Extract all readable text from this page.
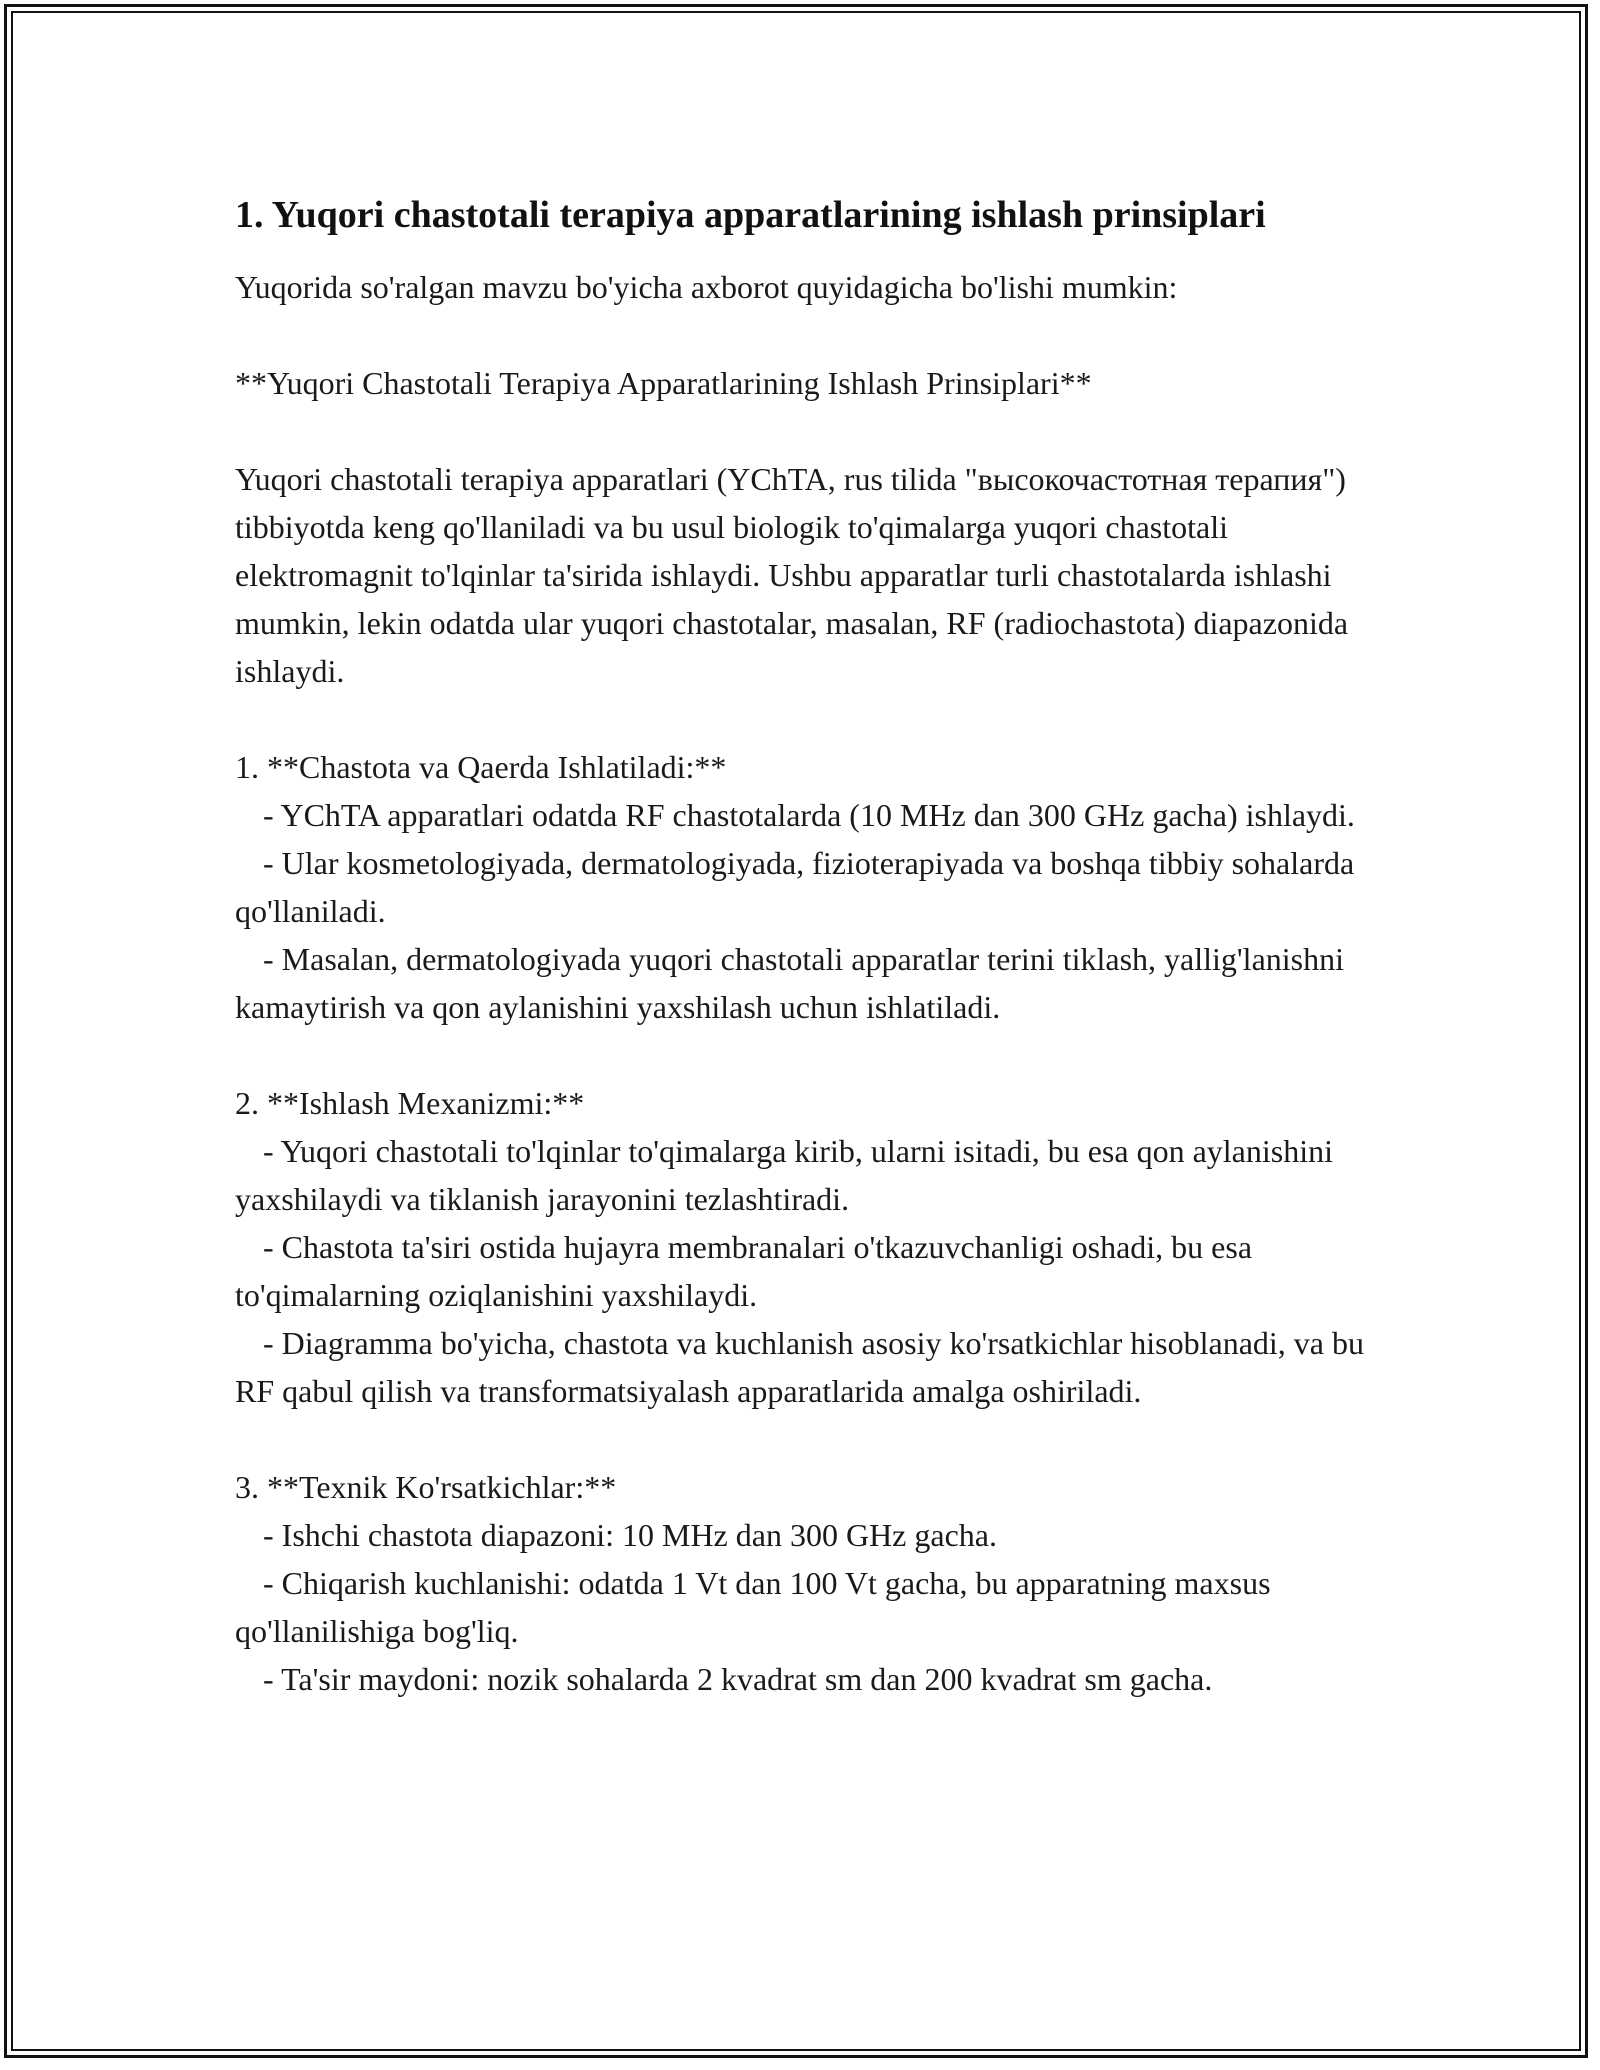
1. Yuqori chastotali terapiya apparatlarining ishlash prinsiplari

Yuqorida so'ralgan mavzu bo'yicha axborot quyidagicha bo'lishi mumkin:

**Yuqori Chastotali Terapiya Apparatlarining Ishlash Prinsiplari**

Yuqori chastotali terapiya apparatlari (YChTA, rus tilida "высокочастотная терапия") tibbiyotda keng qo'llaniladi va bu usul biologik to'qimalarga yuqori chastotali elektromagnit to'lqinlar ta'sirida ishlaydi. Ushbu apparatlar turli chastotalarda ishlashi mumkin, lekin odatda ular yuqori chastotalar, masalan, RF (radiochastota) diapazonida ishlaydi.

1. **Chastota va Qaerda Ishlatiladi:**

- YChTA apparatlari odatda RF chastotalarda (10 MHz dan 300 GHz gacha) ishlaydi.

- Ular kosmetologiyada, dermatologiyada, fizioterapiyada va boshqa tibbiy sohalarda qo'llaniladi.

- Masalan, dermatologiyada yuqori chastotali apparatlar terini tiklash, yallig'lanishni kamaytirish va qon aylanishini yaxshilash uchun ishlatiladi.

2. **Ishlash Mexanizmi:**

- Yuqori chastotali to'lqinlar to'qimalarga kirib, ularni isitadi, bu esa qon aylanishini yaxshilaydi va tiklanish jarayonini tezlashtiradi.

- Chastota ta'siri ostida hujayra membranalari o'tkazuvchanligi oshadi, bu esa to'qimalarning oziqlanishini yaxshilaydi.

- Diagramma bo'yicha, chastota va kuchlanish asosiy ko'rsatkichlar hisoblanadi, va bu RF qabul qilish va transformatsiyalash apparatlarida amalga oshiriladi.

3. **Texnik Ko'rsatkichlar:**

- Ishchi chastota diapazoni: 10 MHz dan 300 GHz gacha.

- Chiqarish kuchlanishi: odatda 1 Vt dan 100 Vt gacha, bu apparatning maxsus qo'llanilishiga bog'liq.

- Ta'sir maydoni: nozik sohalarda 2 kvadrat sm dan 200 kvadrat sm gacha.
